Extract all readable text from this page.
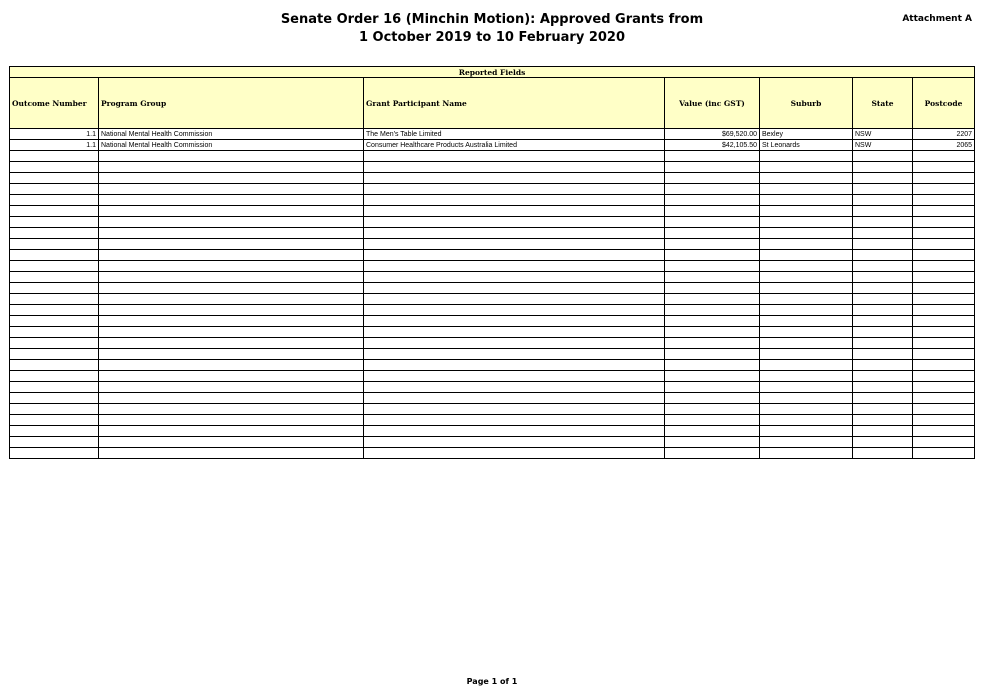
Senate Order 16 (Minchin Motion): Approved Grants from
1 October 2019 to 10 February 2020
Attachment A
Reported Fields						
Outcome Number	Program Group	Grant Participant Name	Value (inc GST)	Suburb	State	Postcode
1.1	National Mental Health Commission	The Men's Table Limited	$69,520.00	Bexley	NSW	2207
1.1	National Mental Health Commission	Consumer Healthcare Products Australia Limited	$42,105.50	St Leonards	NSW	2065

Page 1 of 1
